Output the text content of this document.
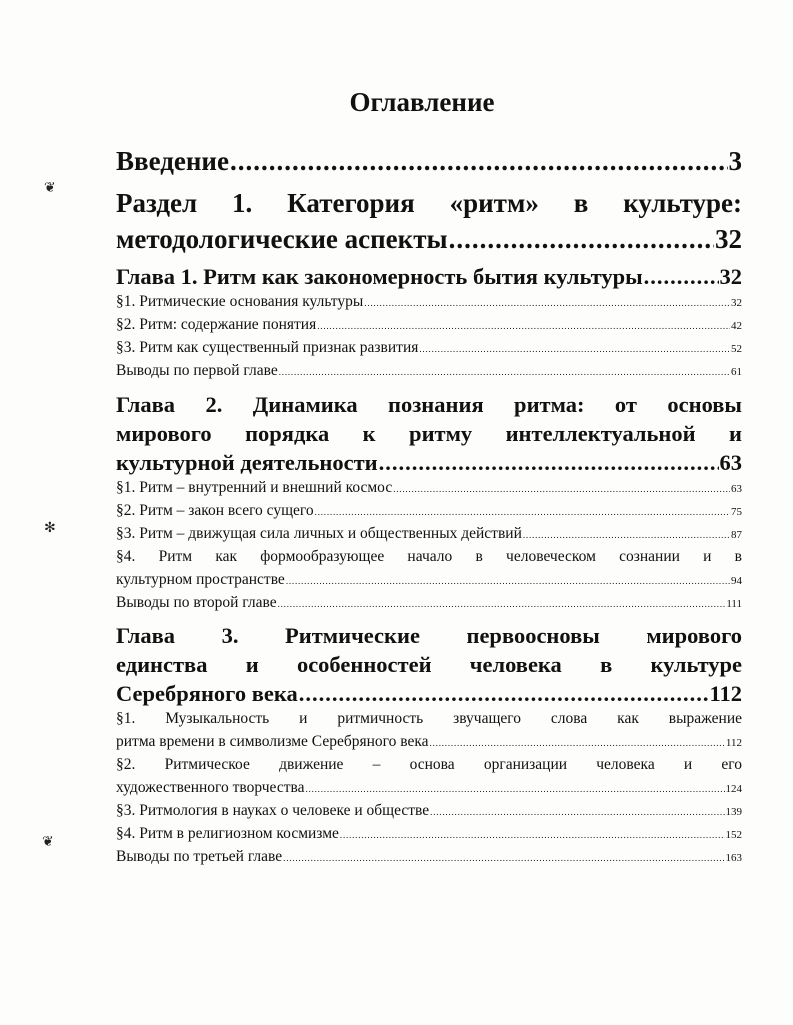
❦
✻
❦
Оглавление
Введение .....	3
Раздел 1. Категория «ритм» в культуре:
методологические аспекты .....	32
Глава 1. Ритм как закономерность бытия культуры .....	32
§1. Ритмические основания культуры .....	32
§2. Ритм: содержание понятия .....	42
§3. Ритм как существенный признак развития .....	52
Выводы по первой главе .....	61
Глава 2. Динамика познания ритма: от основы
мирового порядка к ритму интеллектуальной и
культурной деятельности .....	63
§1. Ритм – внутренний и внешний космос .....	63
§2. Ритм – закон всего сущего .....	75
§3. Ритм – движущая сила личных и общественных действий .....	87
§4. Ритм как формообразующее начало в человеческом сознании и в
культурном пространстве .....	94
Выводы по второй главе .....	111
Глава 3. Ритмические первоосновы мирового
единства и особенностей человека в культуре
Серебряного века .....	112
§1. Музыкальность и ритмичность звучащего слова как выражение
ритма времени в символизме Серебряного века .....	112
§2. Ритмическое движение – основа организации человека и его
художественного творчества .....	124
§3. Ритмология в науках о человеке и обществе .....	139
§4. Ритм в религиозном космизме .....	152
Выводы по третьей главе .....	163
